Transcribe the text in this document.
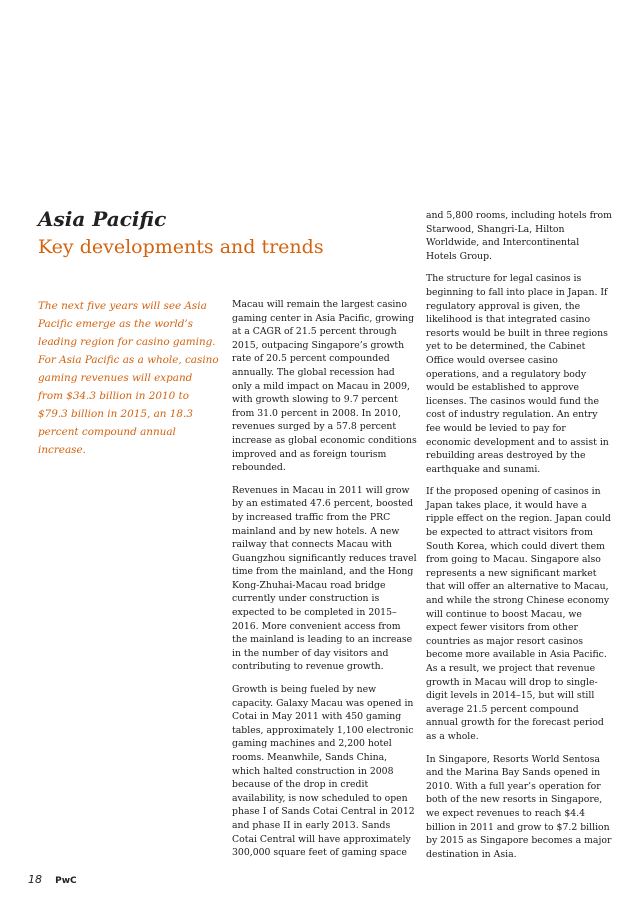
Asia Pacific
Key developments and trends
The next five years will see Asia Pacific emerge as the world’s leading region for casino gaming. For Asia Pacific as a whole, casino gaming revenues will expand from $34.3 billion in 2010 to $79.3 billion in 2015, an 18.3 percent compound annual increase.

Macau will remain the largest casino gaming center in Asia Pacific, growing at a CAGR of 21.5 percent through 2015, outpacing Singapore’s growth rate of 20.5 percent compounded annually. The global recession had only a mild impact on Macau in 2009, with growth slowing to 9.7 percent from 31.0 percent in 2008. In 2010, revenues surged by a 57.8 percent increase as global economic conditions improved and as foreign tourism rebounded.

Revenues in Macau in 2011 will grow by an estimated 47.6 percent, boosted by increased traffic from the PRC mainland and by new hotels. A new railway that connects Macau with Guangzhou significantly reduces travel time from the mainland, and the Hong Kong-Zhuhai-Macau road bridge currently under construction is expected to be completed in 2015–2016. More convenient access from the mainland is leading to an increase in the number of day visitors and contributing to revenue growth.

Growth is being fueled by new capacity. Galaxy Macau was opened in Cotai in May 2011 with 450 gaming tables, approximately 1,100 electronic gaming machines and 2,200 hotel rooms. Meanwhile, Sands China, which halted construction in 2008 because of the drop in credit availability, is now scheduled to open phase I of Sands Cotai Central in 2012 and phase II in early 2013. Sands Cotai Central will have approximately 300,000 square feet of gaming space

and 5,800 rooms, including hotels from Starwood, Shangri-La, Hilton Worldwide, and Intercontinental Hotels Group.

The structure for legal casinos is beginning to fall into place in Japan. If regulatory approval is given, the likelihood is that integrated casino resorts would be built in three regions yet to be determined, the Cabinet Office would oversee casino operations, and a regulatory body would be established to approve licenses. The casinos would fund the cost of industry regulation. An entry fee would be levied to pay for economic development and to assist in rebuilding areas destroyed by the earthquake and sunami.

If the proposed opening of casinos in Japan takes place, it would have a ripple effect on the region. Japan could be expected to attract visitors from South Korea, which could divert them from going to Macau. Singapore also represents a new significant market that will offer an alternative to Macau, and while the strong Chinese economy will continue to boost Macau, we expect fewer visitors from other countries as major resort casinos become more available in Asia Pacific. As a result, we project that revenue growth in Macau will drop to single-digit levels in 2014–15, but will still average 21.5 percent compound annual growth for the forecast period as a whole.

In Singapore, Resorts World Sentosa and the Marina Bay Sands opened in 2010. With a full year’s operation for both of the new resorts in Singapore, we expect revenues to reach $4.4 billion in 2011 and grow to $7.2 billion by 2015 as Singapore becomes a major destination in Asia.

18 PwC
